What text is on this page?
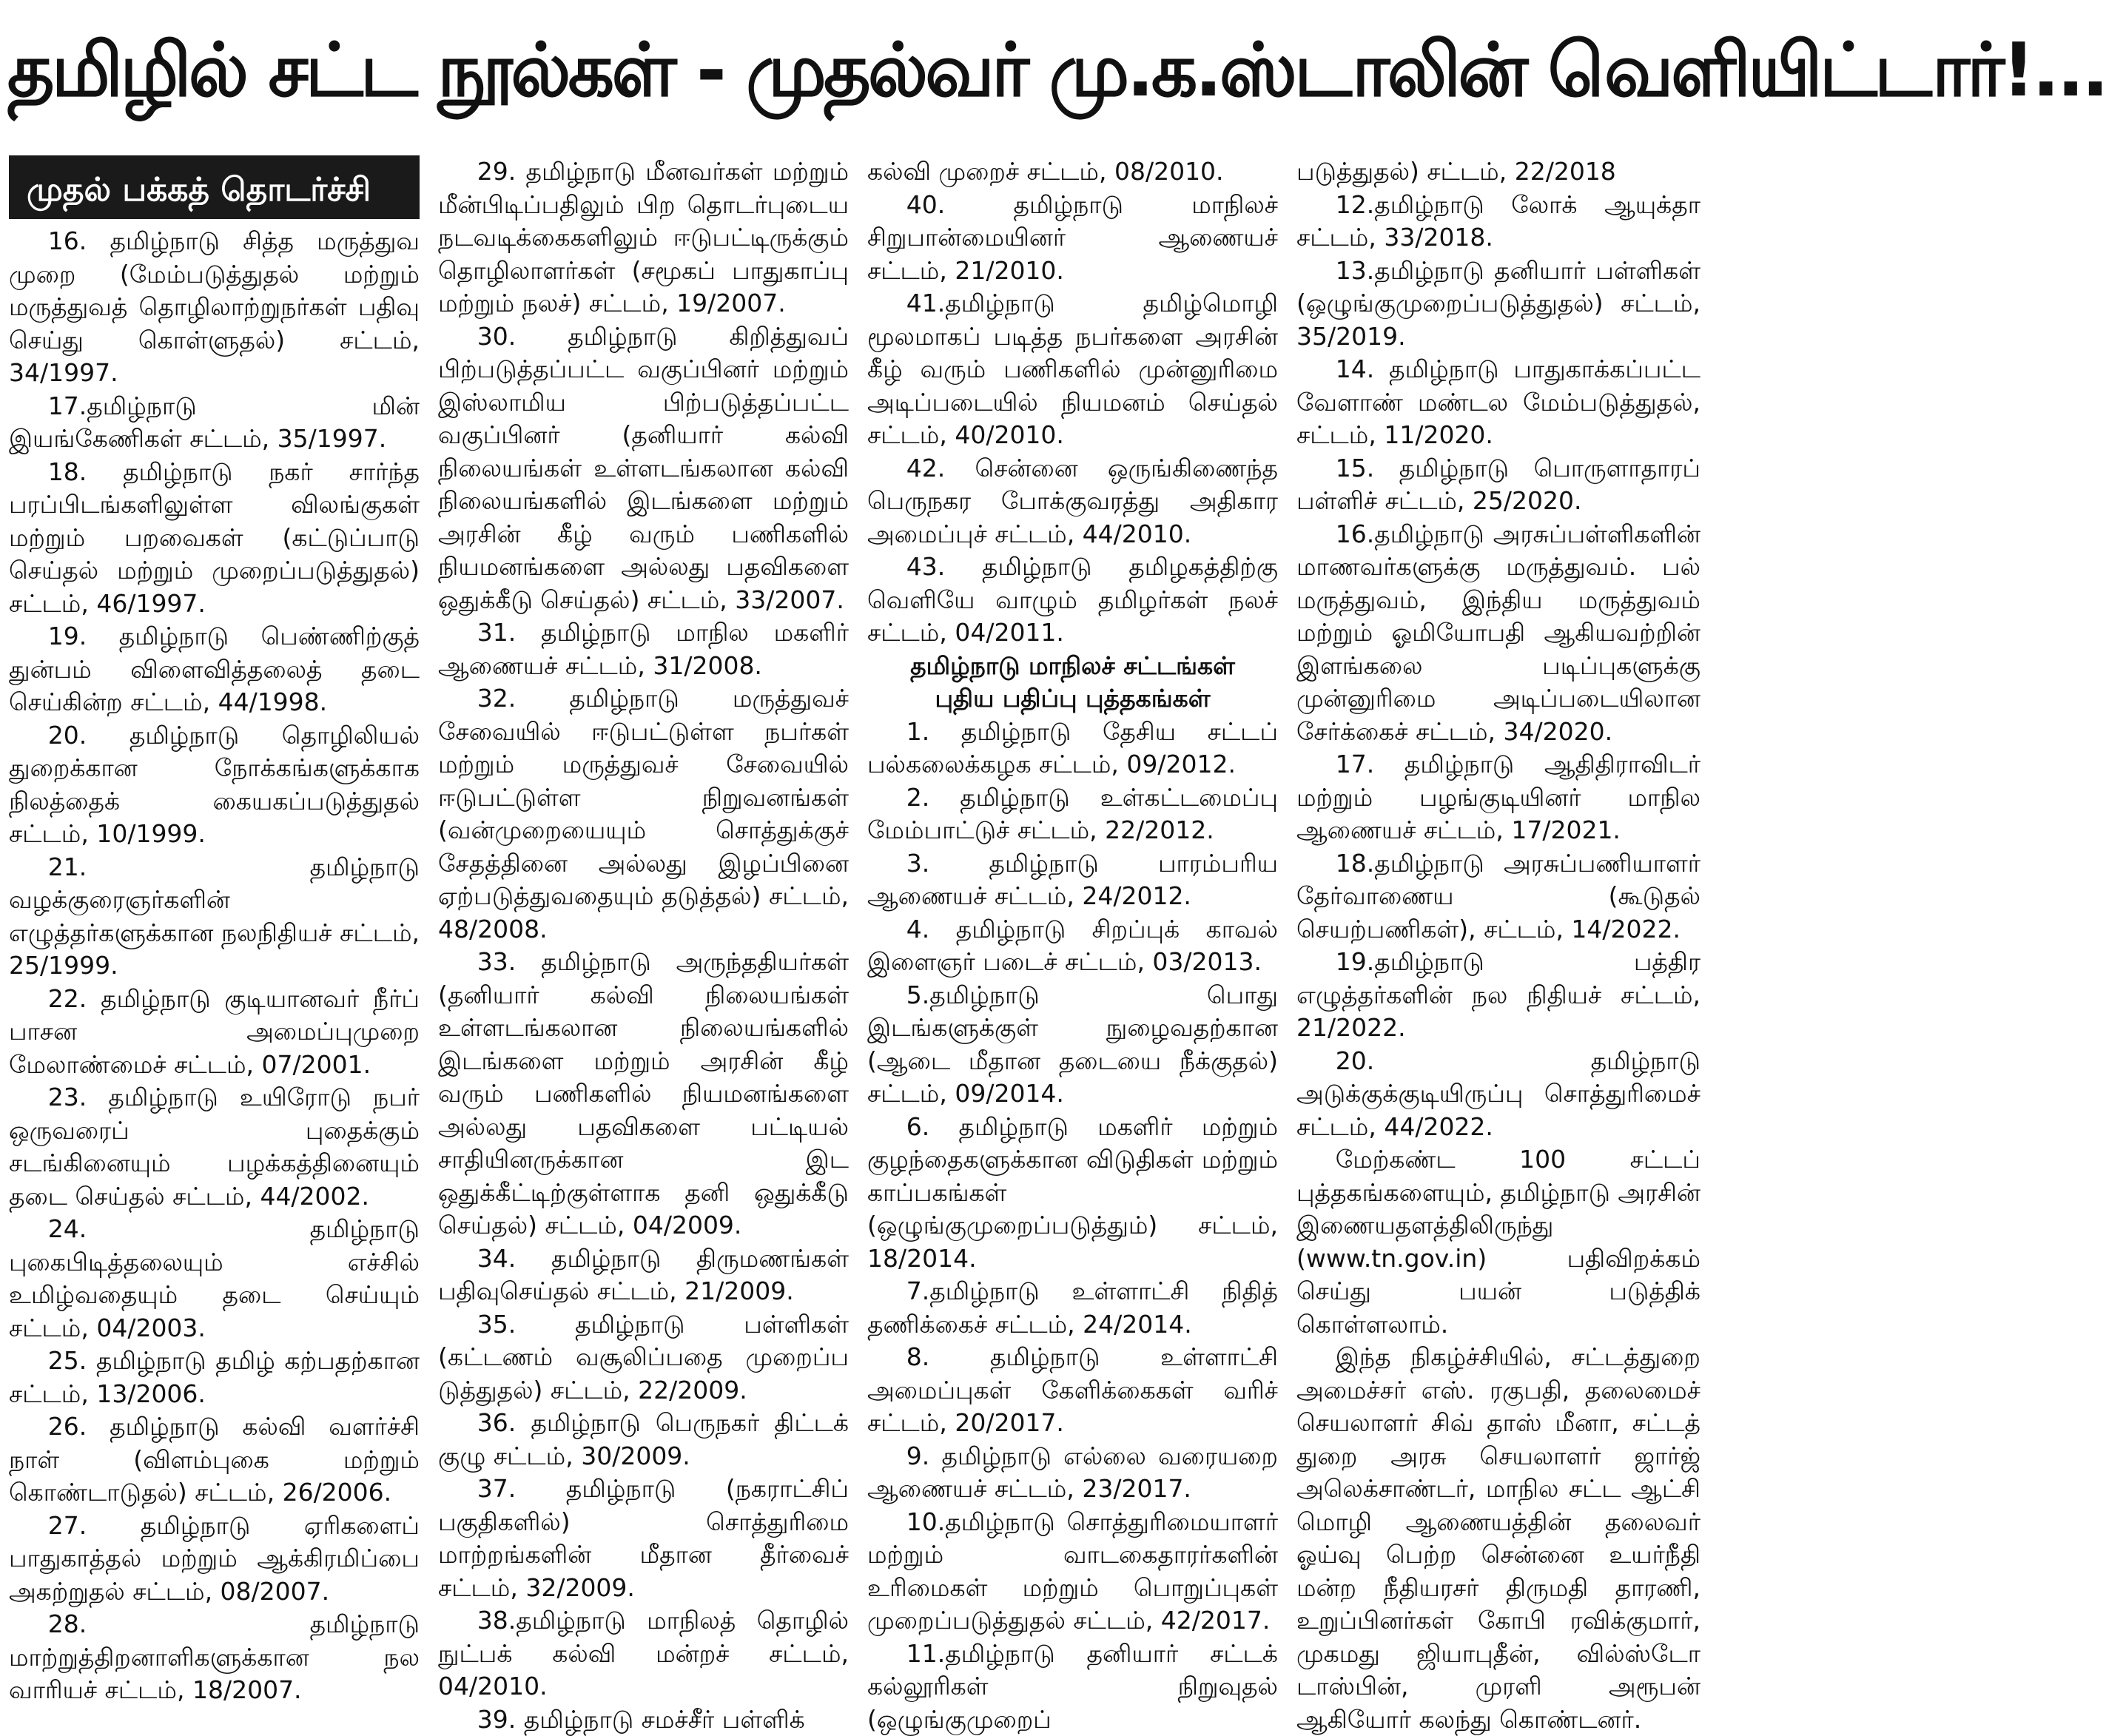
தமிழில் சட்ட நூல்கள் - முதல்வர் மு.க.ஸ்டாலின் வெளியிட்டார்!...
முதல் பக்கத் தொடர்ச்சி

16. தமிழ்நாடு சித்த மருத்துவ முறை (மேம்படுத்துதல் மற்றும் மருத்துவத் தொழிலாற்றுநர்கள் பதிவு செய்து கொள்ளுதல்) சட்டம், 34/1997.

17.தமிழ்நாடு மின் இயங்கேணிகள் சட்டம், 35/1997.

18. தமிழ்நாடு நகர் சார்ந்த பரப்பிடங்களிலுள்ள விலங்குகள் மற்றும் பறவைகள் (கட்டுப்பாடு செய்தல் மற்றும் முறைப்படுத்துதல்) சட்டம், 46/1997.

19. தமிழ்நாடு பெண்ணிற்குத் துன்பம் விளைவித்தலைத் தடை செய்கின்ற சட்டம், 44/1998.

20. தமிழ்நாடு தொழிலியல் துறைக்கான நோக்கங்களுக்காக நிலத்தைக் கையகப்படுத்துதல் சட்டம், 10/1999.

21. தமிழ்நாடு வழக்குரைஞர்களின் எழுத்தர்களுக்கான நலநிதியச் சட்டம், 25/1999.

22. தமிழ்நாடு குடியானவர் நீர்ப் பாசன அமைப்புமுறை மேலாண்மைச் சட்டம், 07/2001.

23. தமிழ்நாடு உயிரோடு நபர் ஒருவரைப் புதைக்கும் சடங்கினையும் பழக்கத்தினையும் தடை செய்தல் சட்டம், 44/2002.

24. தமிழ்நாடு புகைபிடித்தலையும் எச்சில் உமிழ்வதையும் தடை செய்யும் சட்டம், 04/2003.

25. தமிழ்நாடு தமிழ் கற்பதற்கான சட்டம், 13/2006.

26. தமிழ்நாடு கல்வி வளர்ச்சி நாள் (விளம்புகை மற்றும் கொண்டாடுதல்) சட்டம், 26/2006.

27. தமிழ்நாடு ஏரிகளைப் பாதுகாத்தல் மற்றும் ஆக்கிரமிப்பை அகற்றுதல் சட்டம், 08/2007.

28. தமிழ்நாடு மாற்றுத்திறனாளிகளுக்கான நல வாரியச் சட்டம், 18/2007.

29. தமிழ்நாடு மீனவர்கள் மற்றும் மீன்பிடிப்பதிலும் பிற தொடர்புடைய நடவடிக்கைகளிலும் ஈடுபட்டிருக்கும் தொழிலாளர்கள் (சமூகப் பாதுகாப்பு மற்றும் நலச்) சட்டம், 19/2007.

30. தமிழ்நாடு கிறித்துவப் பிற்படுத்தப்பட்ட வகுப்பினர் மற்றும் இஸ்லாமிய பிற்படுத்தப்பட்ட வகுப்பினர் (தனியார் கல்வி நிலையங்கள் உள்ளடங்கலான கல்வி நிலையங்களில் இடங்களை மற்றும் அரசின் கீழ் வரும் பணிகளில் நியமனங்களை அல்லது பதவிகளை ஒதுக்கீடு செய்தல்) சட்டம், 33/2007.

31. தமிழ்நாடு மாநில மகளிர் ஆணையச் சட்டம், 31/2008.

32. தமிழ்நாடு மருத்துவச் சேவையில் ஈடுபட்டுள்ள நபர்கள் மற்றும் மருத்துவச் சேவையில் ஈடுபட்டுள்ள நிறுவனங்கள் (வன்முறையையும் சொத்துக்குச் சேதத்தினை அல்லது இழப்பினை ஏற்படுத்துவதையும் தடுத்தல்) சட்டம், 48/2008.

33. தமிழ்நாடு அருந்ததியர்கள் (தனியார் கல்வி நிலையங்கள் உள்ளடங்கலான நிலையங்களில் இடங்களை மற்றும் அரசின் கீழ் வரும் பணிகளில் நியமனங்களை அல்லது பதவிகளை பட்டியல் சாதியினருக்கான இட ஒதுக்கீட்டிற்குள்ளாக தனி ஒதுக்கீடு செய்தல்) சட்டம், 04/2009.

34. தமிழ்நாடு திருமணங்கள் பதிவுசெய்தல் சட்டம், 21/2009.

35. தமிழ்நாடு பள்ளிகள் (கட்டணம் வசூலிப்பதை முறைப்ப டுத்துதல்) சட்டம், 22/2009.

36. தமிழ்நாடு பெருநகர் திட்டக் குழு சட்டம், 30/2009.

37. தமிழ்நாடு (நகராட்சிப் பகுதிகளில்) சொத்துரிமை மாற்றங்களின் மீதான தீர்வைச் சட்டம், 32/2009.

38.தமிழ்நாடு மாநிலத் தொழில் நுட்பக் கல்வி மன்றச் சட்டம், 04/2010.

39. தமிழ்நாடு சமச்சீர் பள்ளிக்

கல்வி முறைச் சட்டம், 08/2010.

40. தமிழ்நாடு மாநிலச் சிறுபான்மையினர் ஆணையச் சட்டம், 21/2010.

41.தமிழ்நாடு தமிழ்மொழி மூலமாகப் படித்த நபர்களை அரசின் கீழ் வரும் பணிகளில் முன்னுரிமை அடிப்படையில் நியமனம் செய்தல் சட்டம், 40/2010.

42. சென்னை ஒருங்கிணைந்த பெருநகர போக்குவரத்து அதிகார அமைப்புச் சட்டம், 44/2010.

43. தமிழ்நாடு தமிழகத்திற்கு வெளியே வாழும் தமிழர்கள் நலச் சட்டம், 04/2011.

தமிழ்நாடு மாநிலச் சட்டங்கள்
புதிய பதிப்பு புத்தகங்கள்

1. தமிழ்நாடு தேசிய சட்டப் பல்கலைக்கழக சட்டம், 09/2012.

2. தமிழ்நாடு உள்கட்டமைப்பு மேம்பாட்டுச் சட்டம், 22/2012.

3. தமிழ்நாடு பாரம்பரிய ஆணையச் சட்டம், 24/2012.

4. தமிழ்நாடு சிறப்புக் காவல் இளைஞர் படைச் சட்டம், 03/2013.

5.தமிழ்நாடு பொது இடங்களுக்குள் நுழைவதற்கான (ஆடை மீதான தடையை நீக்குதல்) சட்டம், 09/2014.

6. தமிழ்நாடு மகளிர் மற்றும் குழந்தைகளுக்கான விடுதிகள் மற்றும் காப்பகங்கள் (ஒழுங்குமுறைப்படுத்தும்) சட்டம், 18/2014.

7.தமிழ்நாடு உள்ளாட்சி நிதித் தணிக்கைச் சட்டம், 24/2014.

8. தமிழ்நாடு உள்ளாட்சி அமைப்புகள் கேளிக்கைகள் வரிச் சட்டம், 20/2017.

9. தமிழ்நாடு எல்லை வரையறை ஆணையச் சட்டம், 23/2017.

10.தமிழ்நாடு சொத்துரிமையாளர் மற்றும் வாடகைதாரர்களின் உரிமைகள் மற்றும் பொறுப்புகள் முறைப்படுத்துதல் சட்டம், 42/2017.

11.தமிழ்நாடு தனியார் சட்டக் கல்லூரிகள் நிறுவுதல் (ஒழுங்குமுறைப்

படுத்துதல்) சட்டம், 22/2018

12.தமிழ்நாடு லோக் ஆயுக்தா சட்டம், 33/2018.

13.தமிழ்நாடு தனியார் பள்ளிகள் (ஒழுங்குமுறைப்படுத்துதல்) சட்டம், 35/2019.

14. தமிழ்நாடு பாதுகாக்கப்பட்ட வேளாண் மண்டல மேம்படுத்துதல், சட்டம், 11/2020.

15. தமிழ்நாடு பொருளாதாரப் பள்ளிச் சட்டம், 25/2020.

16.தமிழ்நாடு அரசுப்பள்ளிகளின் மாணவர்களுக்கு மருத்துவம். பல் மருத்துவம், இந்திய மருத்துவம் மற்றும் ஓமியோபதி ஆகியவற்றின் இளங்கலை படிப்புகளுக்கு முன்னுரிமை அடிப்படையிலான சேர்க்கைச் சட்டம், 34/2020.

17. தமிழ்நாடு ஆதிதிராவிடர் மற்றும் பழங்குடியினர் மாநில ஆணையச் சட்டம், 17/2021.

18.தமிழ்நாடு அரசுப்பணியாளர் தேர்வாணைய (கூடுதல் செயற்பணிகள்), சட்டம், 14/2022.

19.தமிழ்நாடு பத்திர எழுத்தர்களின் நல நிதியச் சட்டம், 21/2022.

20. தமிழ்நாடு அடுக்குக்குடியிருப்பு சொத்துரிமைச் சட்டம், 44/2022.

மேற்கண்ட 100 சட்டப் புத்தகங்களையும், தமிழ்நாடு அரசின் இணையதளத்திலிருந்து (www.tn.gov.in) பதிவிறக்கம் செய்து பயன் படுத்திக் கொள்ளலாம்.

இந்த நிகழ்ச்சியில், சட்டத்துறை அமைச்சர் எஸ். ரகுபதி, தலைமைச் செயலாளர் சிவ் தாஸ் மீனா, சட்டத் துறை அரசு செயலாளர் ஜார்ஜ் அலெக்சாண்டர், மாநில சட்ட ஆட்சி மொழி ஆணையத்தின் தலைவர் ஓய்வு பெற்ற சென்னை உயர்நீதி மன்ற நீதியரசர் திருமதி தாரணி, உறுப்பினர்கள் கோபி ரவிக்குமார், முகமது ஜியாபுதீன், வில்ஸ்டோ டாஸ்பின், முரளி அரூபன் ஆகியோர் கலந்து கொண்டனர்.
